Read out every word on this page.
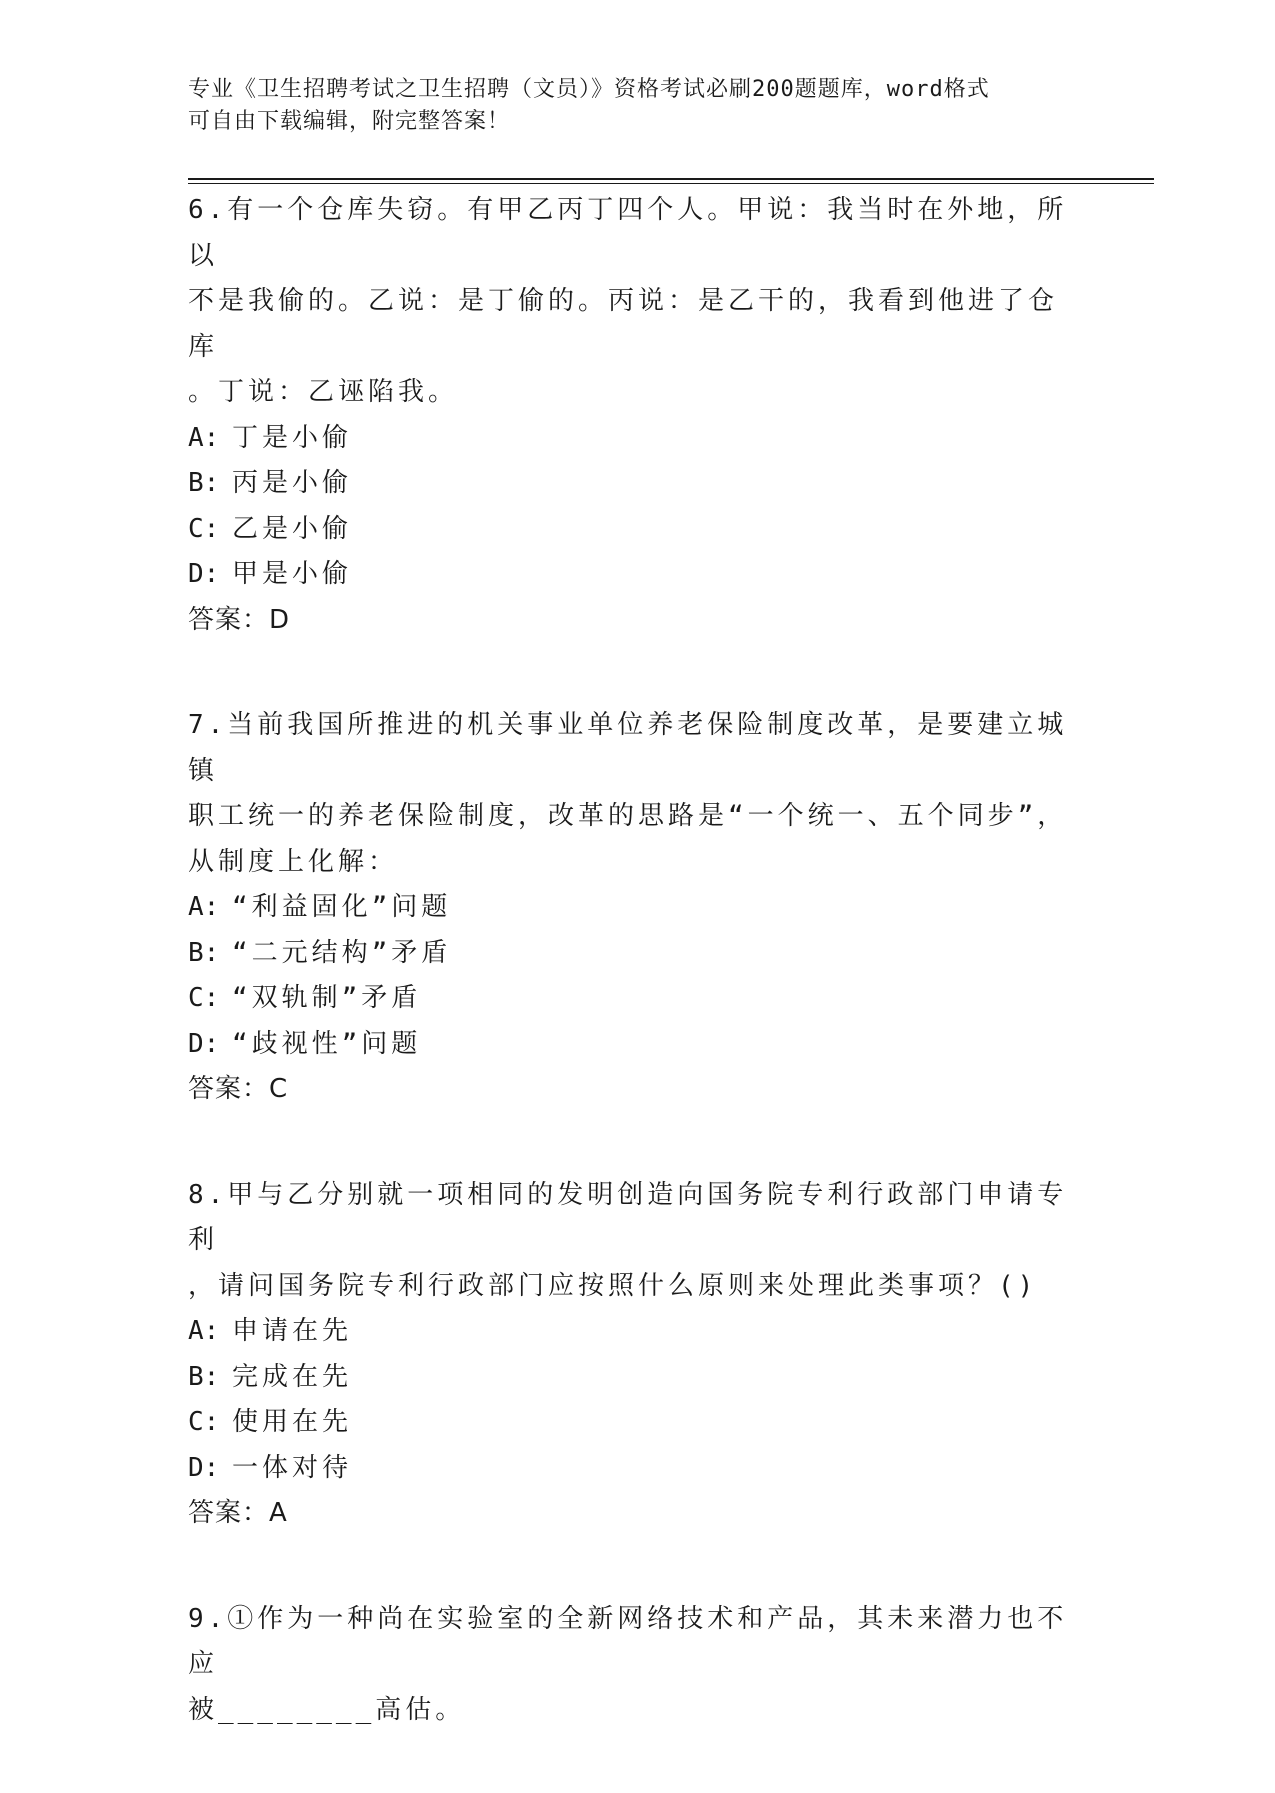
专业《卫生招聘考试之卫生招聘（文员）》资格考试必刷200题题库，word格式
可自由下载编辑，附完整答案！

6.有一个仓库失窃。有甲乙丙丁四个人。甲说：我当时在外地，所以

不是我偷的。乙说：是丁偷的。丙说：是乙干的，我看到他进了仓库

。丁说：乙诬陷我。

A: 丁是小偷

B: 丙是小偷

C: 乙是小偷

D: 甲是小偷

答案：D

7.当前我国所推进的机关事业单位养老保险制度改革，是要建立城镇

职工统一的养老保险制度，改革的思路是“一个统一、五个同步”，

从制度上化解：

A: “利益固化”问题

B: “二元结构”矛盾

C: “双轨制”矛盾

D: “歧视性”问题

答案：C

8.甲与乙分别就一项相同的发明创造向国务院专利行政部门申请专利

，请问国务院专利行政部门应按照什么原则来处理此类事项？()

A: 申请在先

B: 完成在先

C: 使用在先

D: 一体对待

答案：A

9.①作为一种尚在实验室的全新网络技术和产品，其未来潜力也不应

被________高估。
